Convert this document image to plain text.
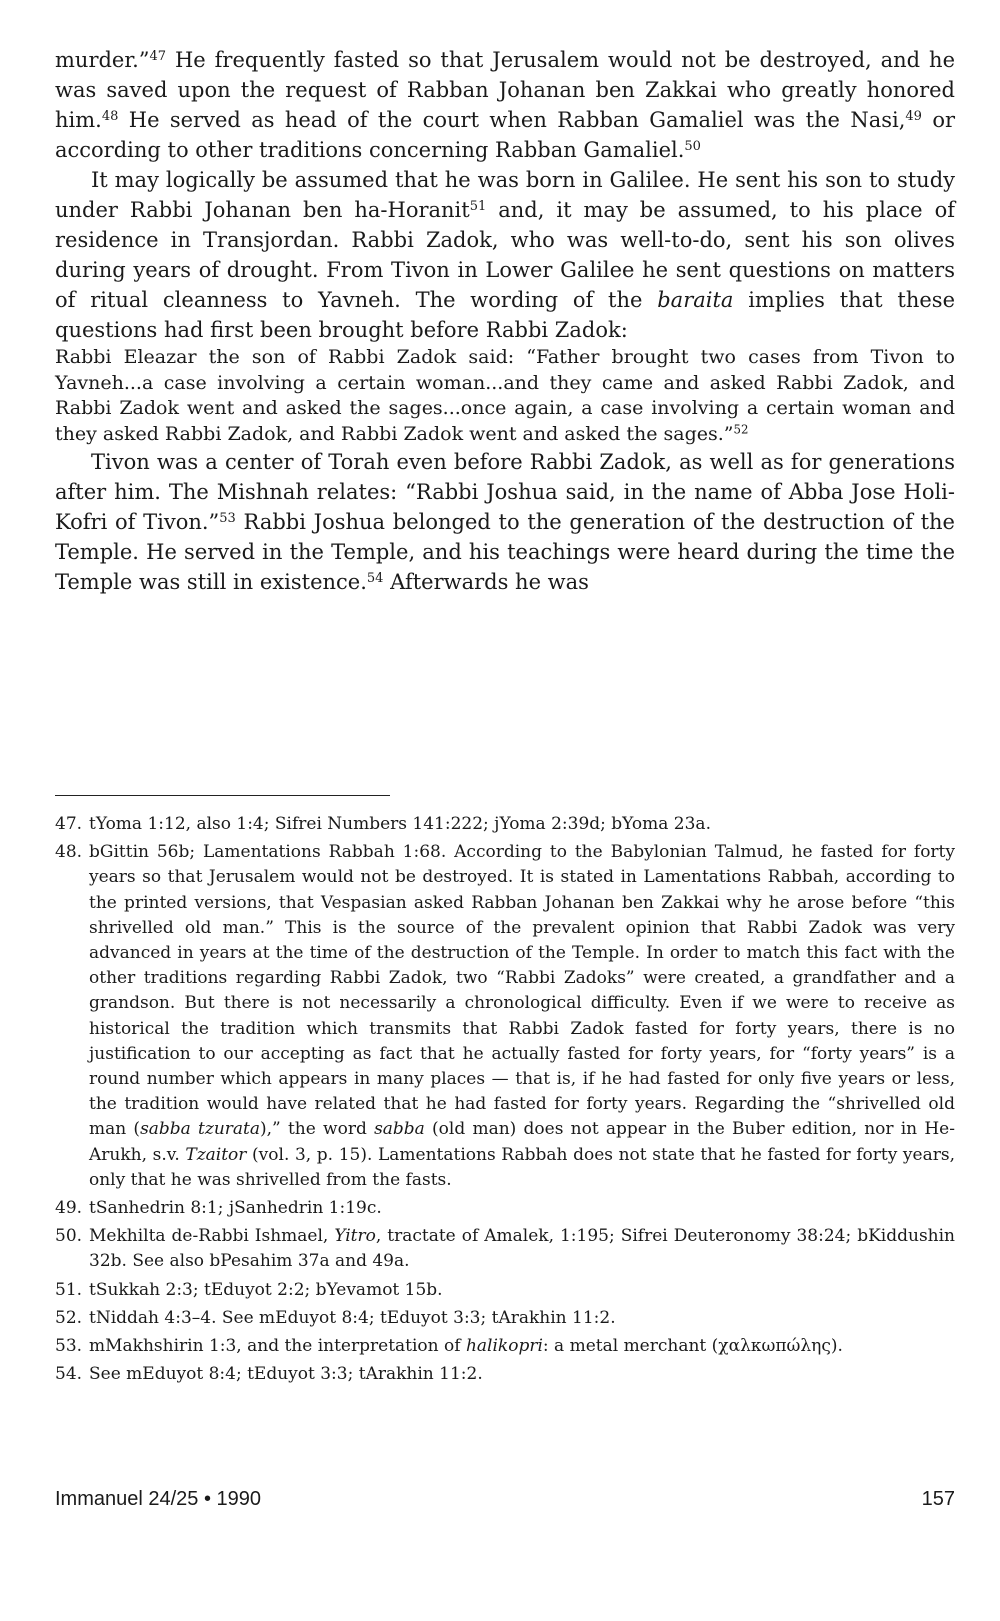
murder.”$^{47}$ He frequently fasted so that Jerusalem would not be destroyed, and he was saved upon the request of Rabban Johanan ben Zakkai who greatly honored him.$^{48}$ He served as head of the court when Rabban Gamaliel was the Nasi,$^{49}$ or according to other traditions concerning Rabban Gamaliel.$^{50}$

It may logically be assumed that he was born in Galilee. He sent his son to study under Rabbi Johanan ben ha-Horanit$^{51}$ and, it may be assumed, to his place of residence in Transjordan. Rabbi Zadok, who was well-to-do, sent his son olives during years of drought. From Tivon in Lower Galilee he sent questions on matters of ritual cleanness to Yavneh. The wording of the baraita implies that these questions had first been brought before Rabbi Zadok:

Rabbi Eleazar the son of Rabbi Zadok said: “Father brought two cases from Tivon to Yavneh...a case involving a certain woman...and they came and asked Rabbi Zadok, and Rabbi Zadok went and asked the sages...once again, a case involving a certain woman and they asked Rabbi Zadok, and Rabbi Zadok went and asked the sages.”$^{52}$

Tivon was a center of Torah even before Rabbi Zadok, as well as for generations after him. The Mishnah relates: “Rabbi Joshua said, in the name of Abba Jose Holi-Kofri of Tivon.”$^{53}$ Rabbi Joshua belonged to the generation of the destruction of the Temple. He served in the Temple, and his teachings were heard during the time the Temple was still in existence.$^{54}$ Afterwards he was

47. tYoma 1:12, also 1:4; Sifrei Numbers 141:222; jYoma 2:39d; bYoma 23a.
48. bGittin 56b; Lamentations Rabbah 1:68. According to the Babylonian Talmud, he fasted for forty years so that Jerusalem would not be destroyed. It is stated in Lamentations Rabbah, according to the printed versions, that Vespasian asked Rabban Johanan ben Zakkai why he arose before “this shrivelled old man.” This is the source of the prevalent opinion that Rabbi Zadok was very advanced in years at the time of the destruction of the Temple. In order to match this fact with the other traditions regarding Rabbi Zadok, two “Rabbi Zadoks” were created, a grandfather and a grandson. But there is not necessarily a chronological difficulty. Even if we were to receive as historical the tradition which transmits that Rabbi Zadok fasted for forty years, there is no justification to our accepting as fact that he actually fasted for forty years, for “forty years” is a round number which appears in many places — that is, if he had fasted for only five years or less, the tradition would have related that he had fasted for forty years. Regarding the “shrivelled old man (sabba tzurata),” the word sabba (old man) does not appear in the Buber edition, nor in He-Arukh, s.v. Tzaitor (vol. 3, p. 15). Lamentations Rabbah does not state that he fasted for forty years, only that he was shrivelled from the fasts.
49. tSanhedrin 8:1; jSanhedrin 1:19c.
50. Mekhilta de-Rabbi Ishmael, Yitro, tractate of Amalek, 1:195; Sifrei Deuteronomy 38:24; bKiddushin 32b. See also bPesahim 37a and 49a.
51. tSukkah 2:3; tEduyot 2:2; bYevamot 15b.
52. tNiddah 4:3–4. See mEduyot 8:4; tEduyot 3:3; tArakhin 11:2.
53. mMakhshirin 1:3, and the interpretation of halikopri: a metal merchant (χαλκωπώλης).
54. See mEduyot 8:4; tEduyot 3:3; tArakhin 11:2.
Immanuel 24/25 • 1990	157
